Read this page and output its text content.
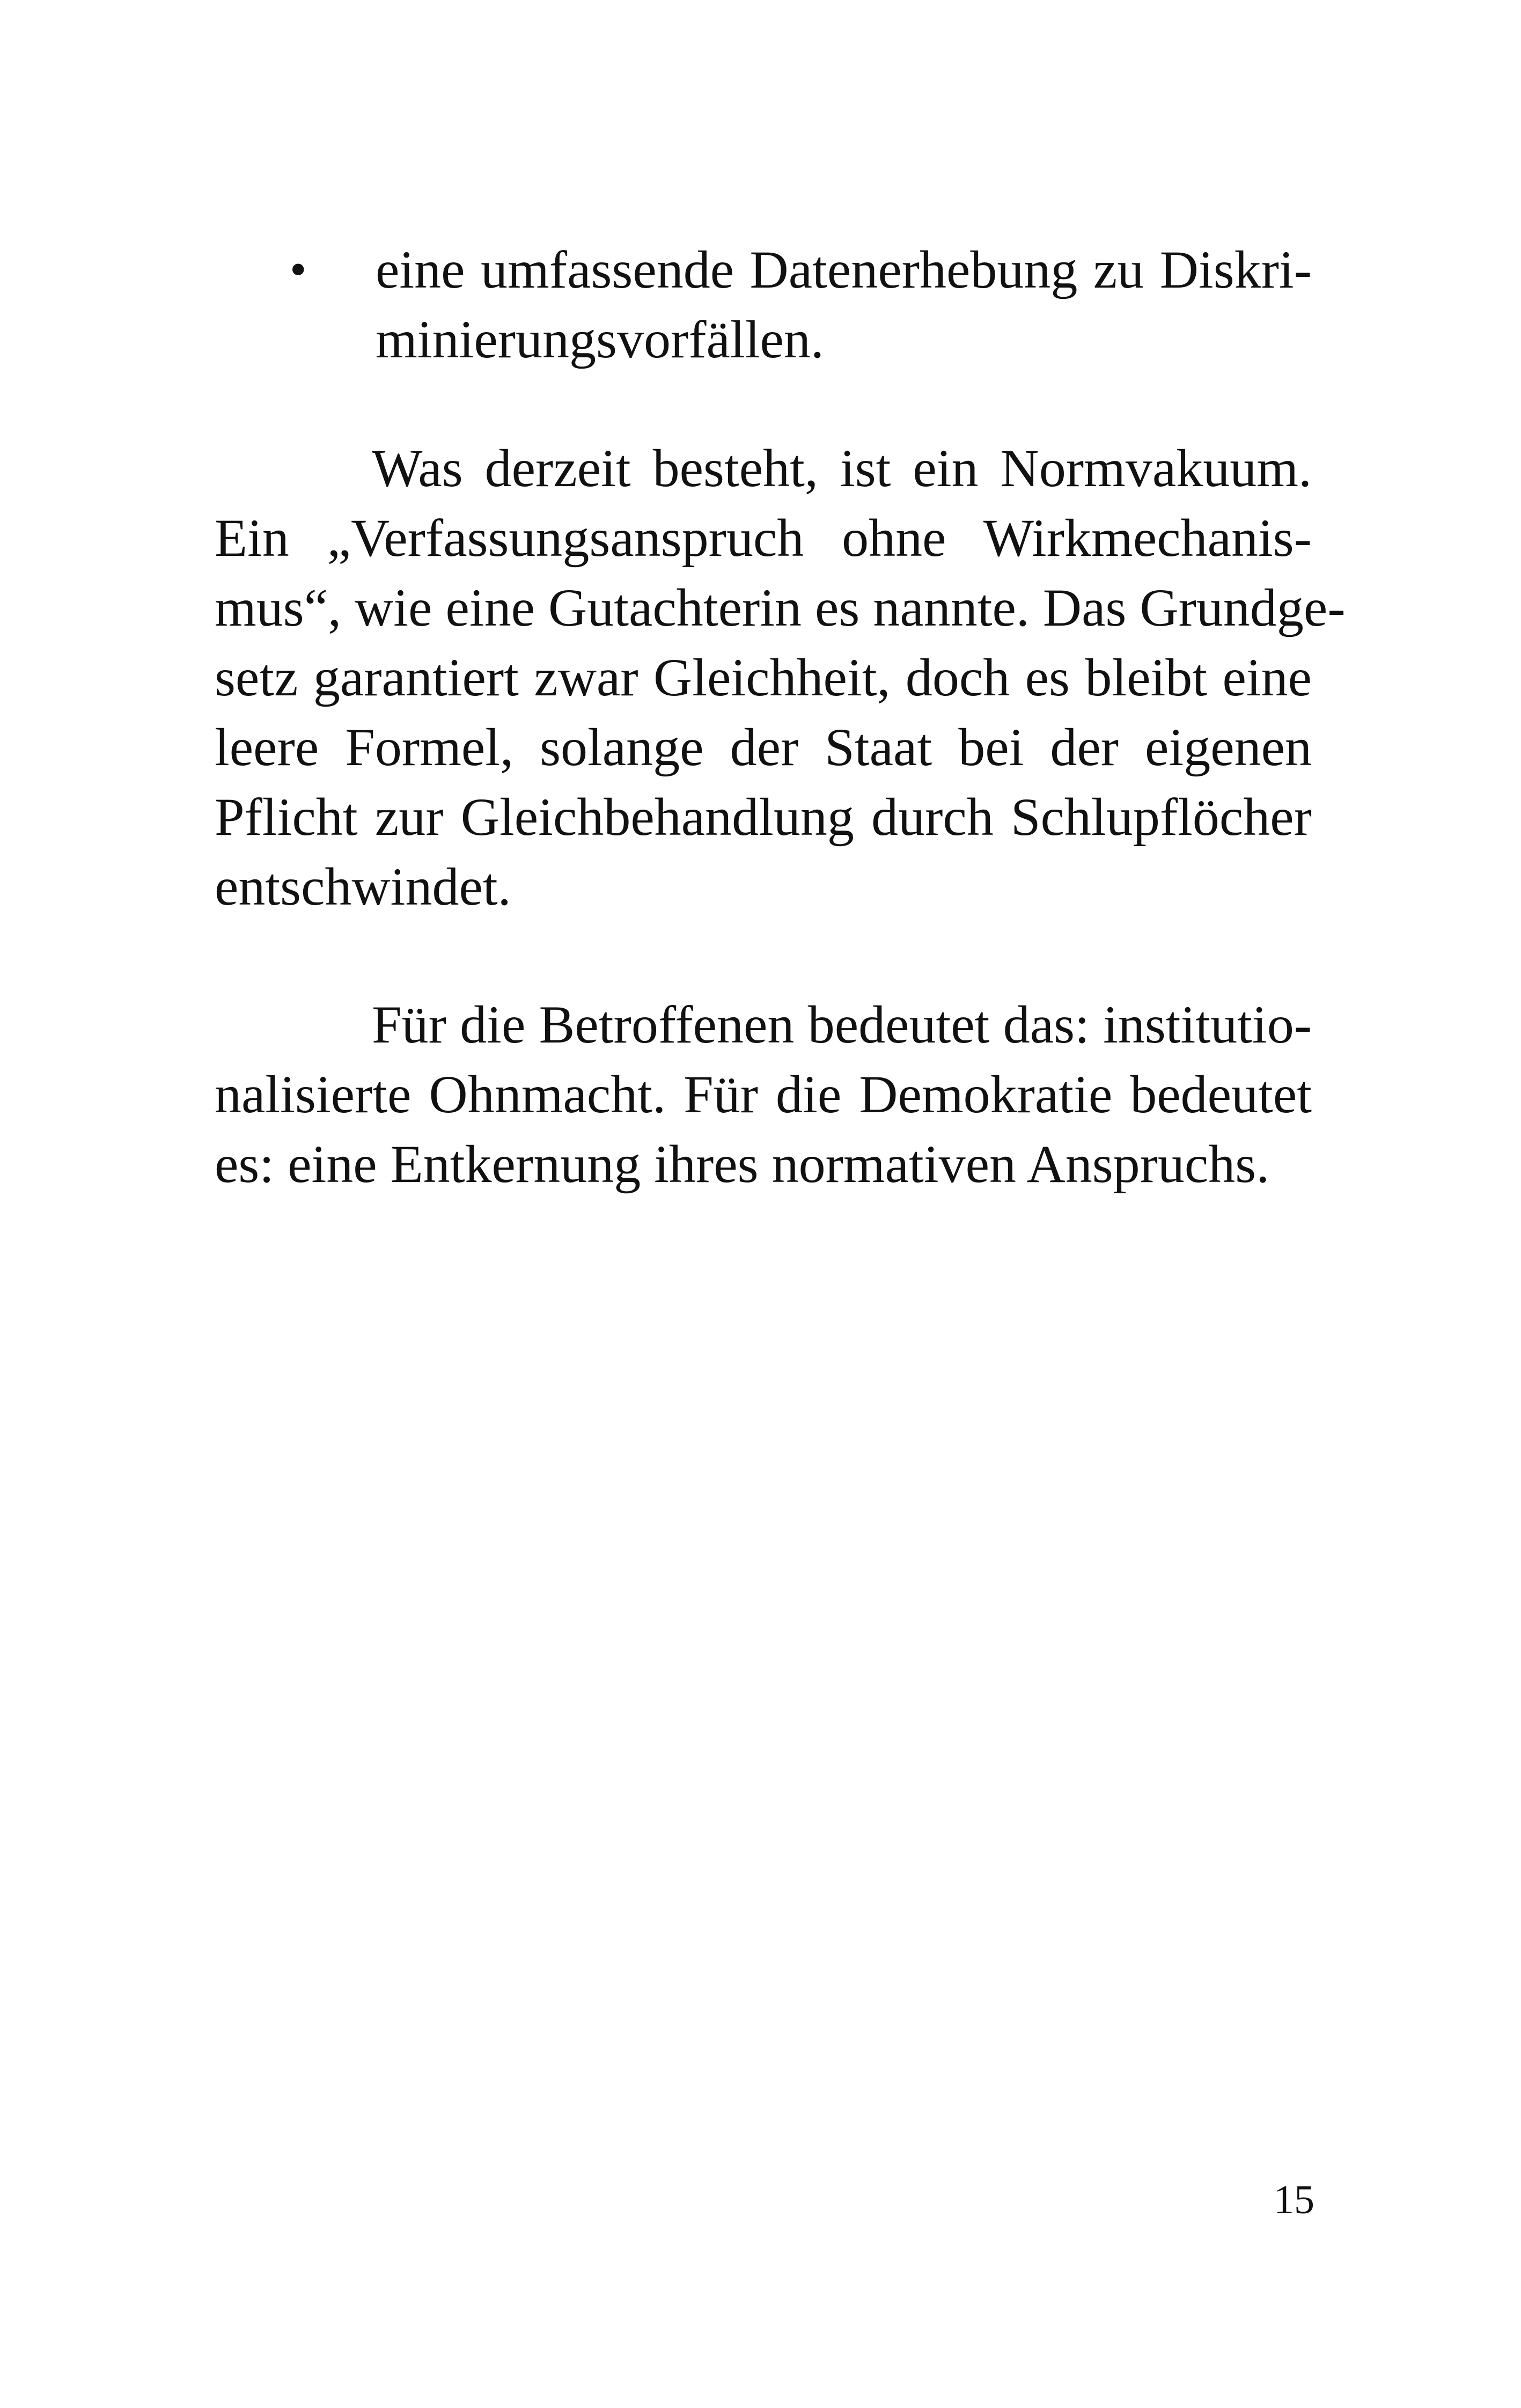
• eine umfassende Datenerhebung zu Diskri-

minierungsvorfällen.

Was derzeit besteht, ist ein Normvakuum.

Ein „Verfassungsanspruch ohne Wirkmechanis-

mus“, wie eine Gutachterin es nannte. Das Grundge-

setz garantiert zwar Gleichheit, doch es bleibt eine

leere Formel, solange der Staat bei der eigenen

Pflicht zur Gleichbehandlung durch Schlupflöcher

entschwindet.

Für die Betroffenen bedeutet das: institutio-

nalisierte Ohnmacht. Für die Demokratie bedeutet

es: eine Entkernung ihres normativen Anspruchs.

15
